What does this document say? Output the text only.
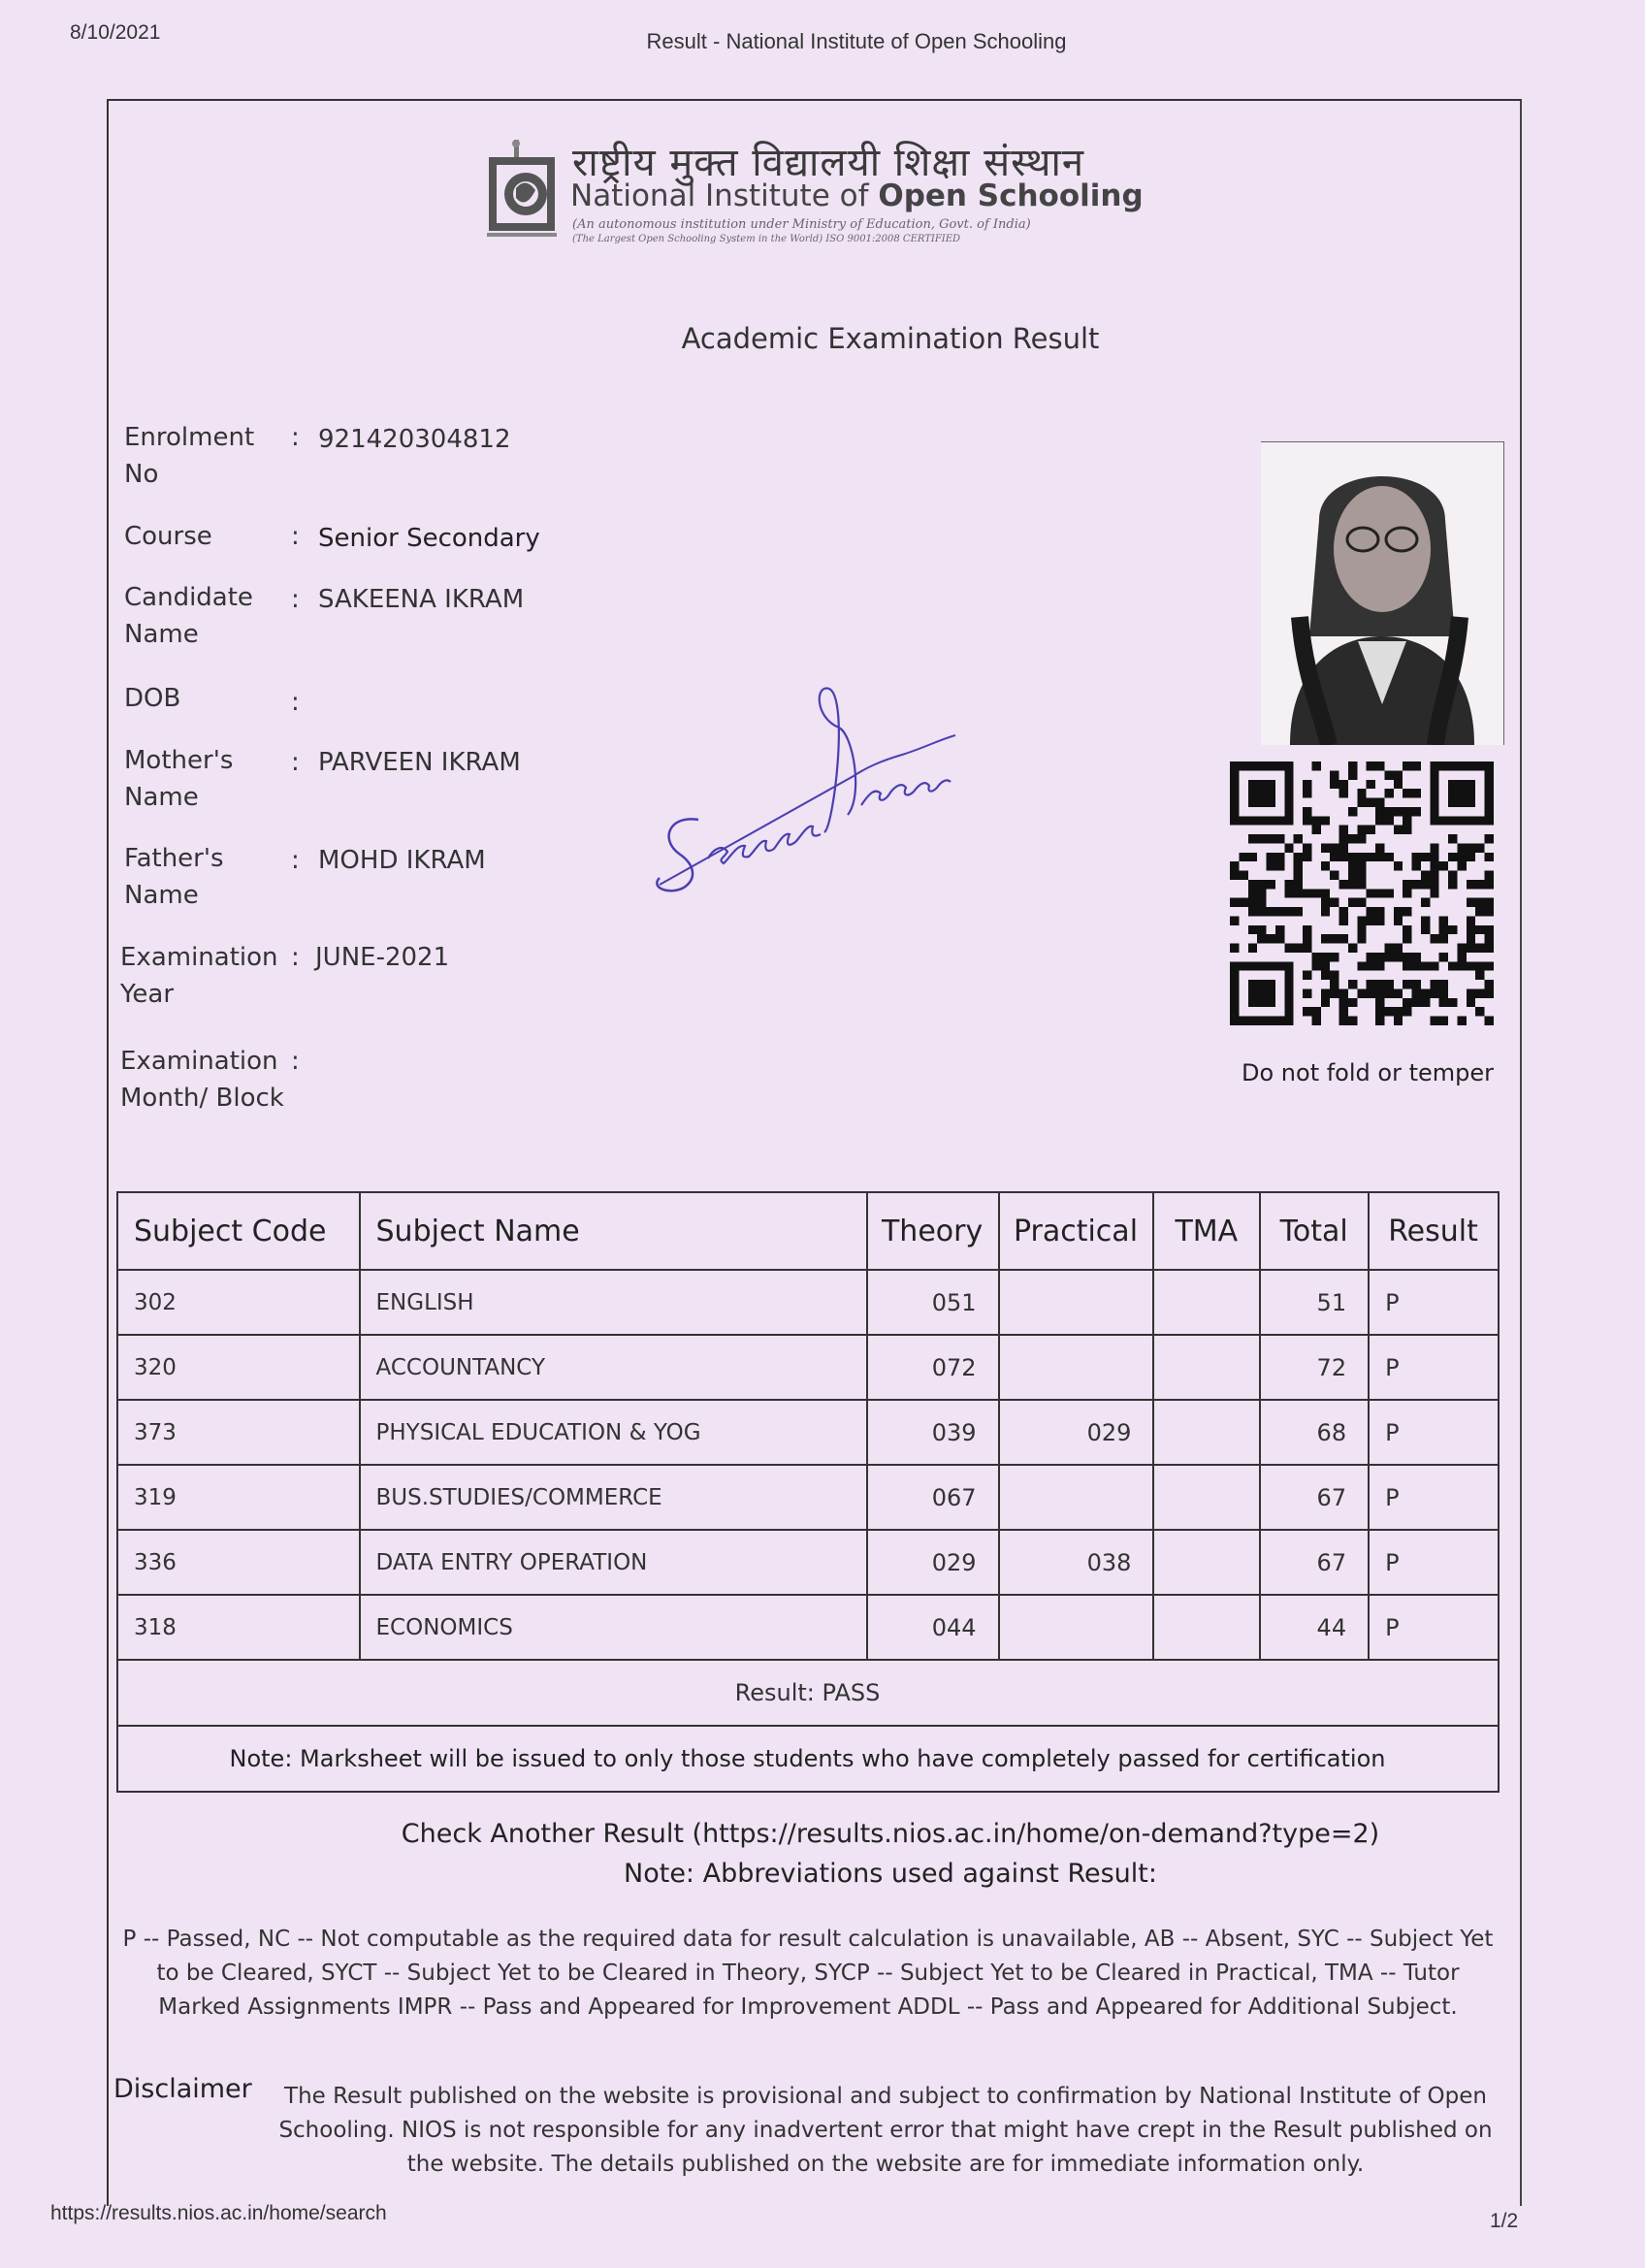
8/10/2021	Result - National Institute of Open Schooling
राष्ट्रीय मुक्त विद्यालयी शिक्षा संस्थान
National Institute of Open Schooling
(An autonomous institution under Ministry of Education, Govt. of India)
(The Largest Open Schooling System in the World) ISO 9001:2008 CERTIFIED
Academic Examination Result
Enrolment No
: 921420304812
Course	: Senior Secondary
Candidate Name
: SAKEENA IKRAM
DOB	:
Mother's Name
: PARVEEN IKRAM
Father's Name
: MOHD IKRAM
Examination Year
: JUNE-2021
Examination Month/ Block
:	Do not fold or temper
Subject Code	Subject Name	Theory	Practical	TMA	Total	Result
302	ENGLISH	051			51	P
320	ACCOUNTANCY	072			72	P
373	PHYSICAL EDUCATION & YOG	039	029		68	P
319	BUS.STUDIES/COMMERCE	067			67	P
336	DATA ENTRY OPERATION	029	038		67	P
318	ECONOMICS	044			44	P
Result: PASS						
Note: Marksheet will be issued to only those students who have completely passed for certification						
Check Another Result (https://results.nios.ac.in/home/on-demand?type=2)
Note: Abbreviations used against Result:
P -- Passed, NC -- Not computable as the required data for result calculation is unavailable, AB -- Absent, SYC -- Subject Yet to be Cleared, SYCT -- Subject Yet to be Cleared in Theory, SYCP -- Subject Yet to be Cleared in Practical, TMA -- Tutor Marked Assignments IMPR -- Pass and Appeared for Improvement ADDL -- Pass and Appeared for Additional Subject.
Disclaimer	The Result published on the website is provisional and subject to confirmation by National Institute of Open Schooling. NIOS is not responsible for any inadvertent error that might have crept in the Result published on the website. The details published on the website are for immediate information only.
https://results.nios.ac.in/home/search	1/2
